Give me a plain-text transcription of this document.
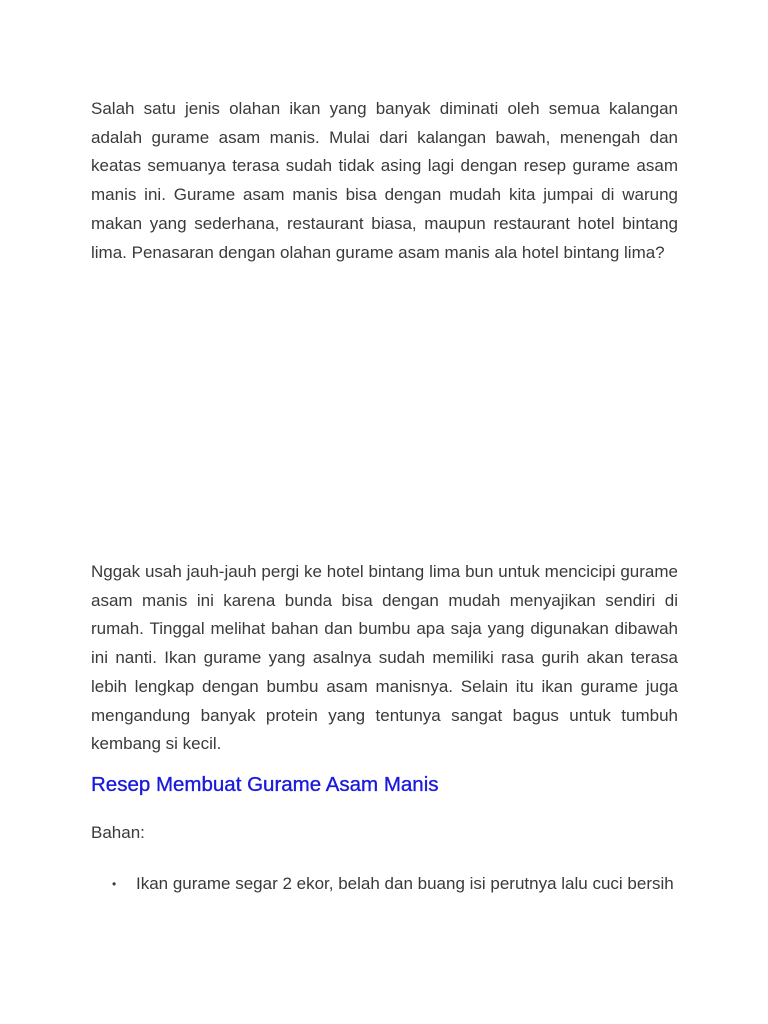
Salah satu jenis olahan ikan yang banyak diminati oleh semua kalangan adalah gurame asam manis. Mulai dari kalangan bawah, menengah dan keatas semuanya terasa sudah tidak asing lagi dengan resep gurame asam manis ini. Gurame asam manis bisa dengan mudah kita jumpai di warung makan yang sederhana, restaurant biasa, maupun restaurant hotel bintang lima. Penasaran dengan olahan gurame asam manis ala hotel bintang lima?

Nggak usah jauh-jauh pergi ke hotel bintang lima bun untuk mencicipi gurame asam manis ini karena bunda bisa dengan mudah menyajikan sendiri di rumah. Tinggal melihat bahan dan bumbu apa saja yang digunakan dibawah ini nanti. Ikan gurame yang asalnya sudah memiliki rasa gurih akan terasa lebih lengkap dengan bumbu asam manisnya. Selain itu ikan gurame juga mengandung banyak protein yang tentunya sangat bagus untuk tumbuh kembang si kecil.

Resep Membuat Gurame Asam Manis

Bahan:

• Ikan gurame segar 2 ekor, belah dan buang isi perutnya lalu cuci bersih
